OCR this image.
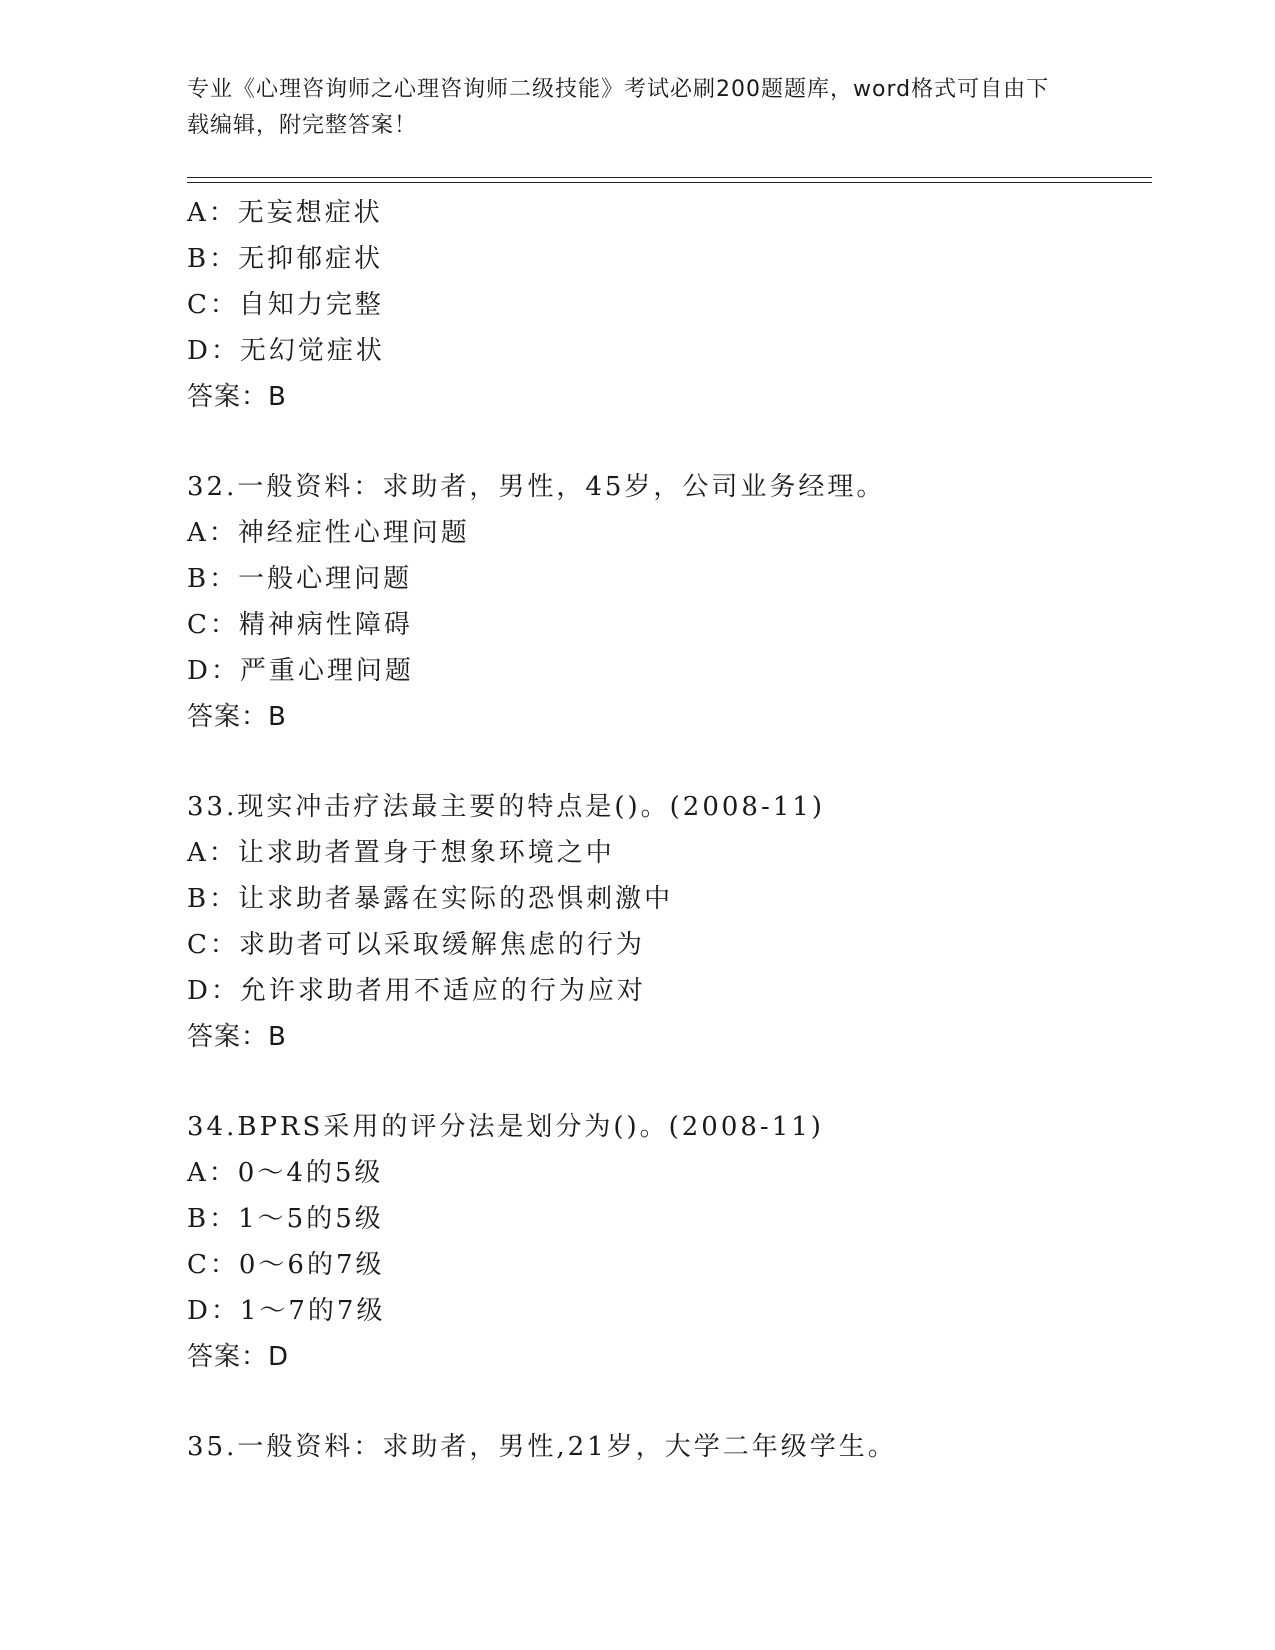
专业《心理咨询师之心理咨询师二级技能》考试必刷200题题库，word格式可自由下载编辑，附完整答案！
A：无妄想症状
B：无抑郁症状
C：自知力完整
D：无幻觉症状
答案：B
32.一般资料：求助者，男性，45岁，公司业务经理。
A：神经症性心理问题
B：一般心理问题
C：精神病性障碍
D：严重心理问题
答案：B
33.现实冲击疗法最主要的特点是()。(2008-11)
A：让求助者置身于想象环境之中
B：让求助者暴露在实际的恐惧刺激中
C：求助者可以采取缓解焦虑的行为
D：允许求助者用不适应的行为应对
答案：B
34.BPRS采用的评分法是划分为()。(2008-11)
A：0～4的5级
B：1～5的5级
C：0～6的7级
D：1～7的7级
答案：D
35.一般资料：求助者，男性,21岁，大学二年级学生。
